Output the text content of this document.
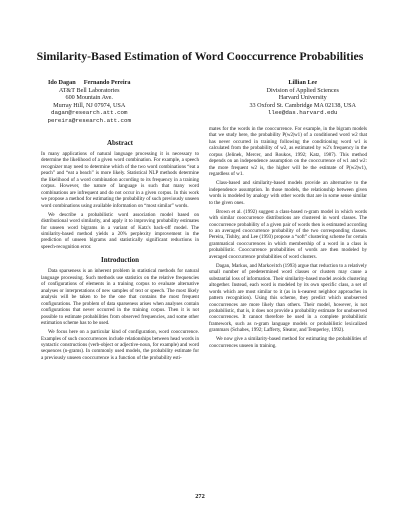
Similarity-Based Estimation of Word Cooccurrence Probabilities
Ido Dagan Fernando Pereira
AT&T Bell Laboratories
600 Mountain Ave.
Murray Hill, NJ 07974, USA
dagan@research.att.com
pereira@research.att.com
Lillian Lee
Division of Applied Sciences
Harvard University
33 Oxford St. Cambridge MA 02138, USA
llee@das.harvard.edu
Abstract

In many applications of natural language processing it is necessary to determine the likelihood of a given word combination. For example, a speech recognizer may need to determine which of the two word combinations “eat a peach” and “eat a beach” is more likely. Statistical NLP methods determine the likelihood of a word combination according to its frequency in a training corpus. However, the nature of language is such that many word combinations are infrequent and do not occur in a given corpus. In this work we propose a method for estimating the probability of such previously unseen word combinations using available information on “most similar” words.

We describe a probabilistic word association model based on distributional word similarity, and apply it to improving probability estimates for unseen word bigrams in a variant of Katz's back-off model. The similarity-based method yields a 20% perplexity improvement in the prediction of unseen bigrams and statistically significant reductions in speech-recognition error.

Introduction

Data sparseness is an inherent problem in statistical methods for natural language processing. Such methods use statistics on the relative frequencies of configurations of elements in a training corpus to evaluate alternative analyses or interpretations of new samples of text or speech. The most likely analysis will be taken to be the one that contains the most frequent configurations. The problem of data sparseness arises when analyses contain configurations that never occurred in the training corpus. Then it is not possible to estimate probabilities from observed frequencies, and some other estimation scheme has to be used.

We focus here on a particular kind of configuration, word cooccurrence. Examples of such cooccurrences include relationships between head words in syntactic constructions (verb-object or adjective-noun, for example) and word sequences (n-grams). In commonly used models, the probability estimate for a previously unseen cooccurrence is a function of the probability esti-

mates for the words in the cooccurrence. For example, in the bigram models that we study here, the probability P(w2|w1) of a conditioned word w2 that has never occurred in training following the conditioning word w1 is calculated from the probability of w2, as estimated by w2's frequency in the corpus (Jelinek, Mercer, and Roukos, 1992; Katz, 1987). This method depends on an independence assumption on the cooccurrence of w1 and w2: the more frequent w2 is, the higher will be the estimate of P(w2|w1), regardless of w1.

Class-based and similarity-based models provide an alternative to the independence assumption. In those models, the relationship between given words is modeled by analogy with other words that are in some sense similar to the given ones.

Brown et al. (1992) suggest a class-based n-gram model in which words with similar cooccurrence distributions are clustered in word classes. The cooccurrence probability of a given pair of words then is estimated according to an averaged cooccurrence probability of the two corresponding classes. Pereira, Tishby, and Lee (1993) propose a “soft” clustering scheme for certain grammatical cooccurrences in which membership of a word in a class is probabilistic. Cooccurrence probabilities of words are then modeled by averaged cooccurrence probabilities of word clusters.

Dagan, Markus, and Markovitch (1993) argue that reduction to a relatively small number of predetermined word classes or clusters may cause a substantial loss of information. Their similarity-based model avoids clustering altogether. Instead, each word is modeled by its own specific class, a set of words which are most similar to it (as in k-nearest neighbor approaches in pattern recognition). Using this scheme, they predict which unobserved cooccurrences are more likely than others. Their model, however, is not probabilistic, that is, it does not provide a probability estimate for unobserved cooccurrences. It cannot therefore be used in a complete probabilistic framework, such as n-gram language models or probabilistic lexicalized grammars (Schabes, 1992; Lafferty, Sleator, and Temperley, 1992).

We now give a similarity-based method for estimating the probabilities of cooccurrences unseen in training.

272
